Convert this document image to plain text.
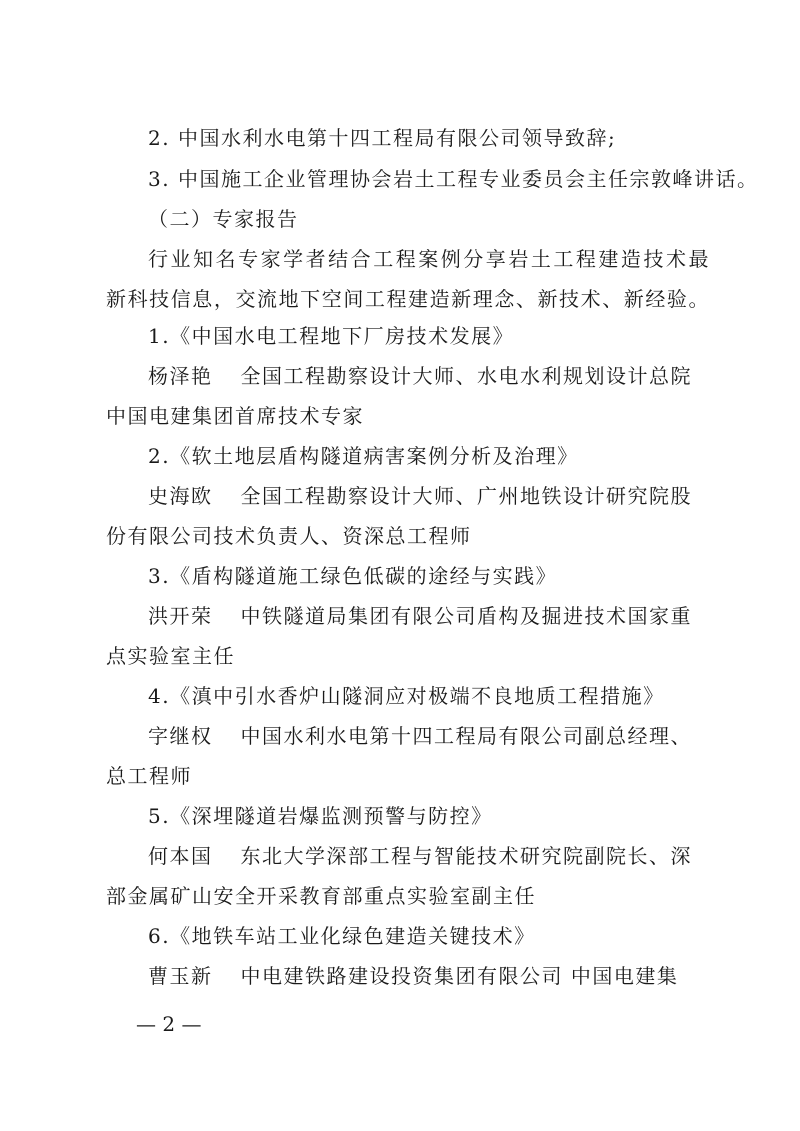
2. 中国水利水电第十四工程局有限公司领导致辞;
3. 中国施工企业管理协会岩土工程专业委员会主任宗敦峰讲话。
（二）专家报告
行业知名专家学者结合工程案例分享岩土工程建造技术最
新科技信息，交流地下空间工程建造新理念、新技术、新经验。
1.《中国水电工程地下厂房技术发展》
杨泽艳 全国工程勘察设计大师、水电水利规划设计总院
中国电建集团首席技术专家
2.《软土地层盾构隧道病害案例分析及治理》
史海欧 全国工程勘察设计大师、广州地铁设计研究院股
份有限公司技术负责人、资深总工程师
3.《盾构隧道施工绿色低碳的途经与实践》
洪开荣 中铁隧道局集团有限公司盾构及掘进技术国家重
点实验室主任
4.《滇中引水香炉山隧洞应对极端不良地质工程措施》
字继权 中国水利水电第十四工程局有限公司副总经理、
总工程师
5.《深埋隧道岩爆监测预警与防控》
何本国 东北大学深部工程与智能技术研究院副院长、深
部金属矿山安全开采教育部重点实验室副主任
6.《地铁车站工业化绿色建造关键技术》
曹玉新 中电建铁路建设投资集团有限公司 中国电建集
— 2 —
